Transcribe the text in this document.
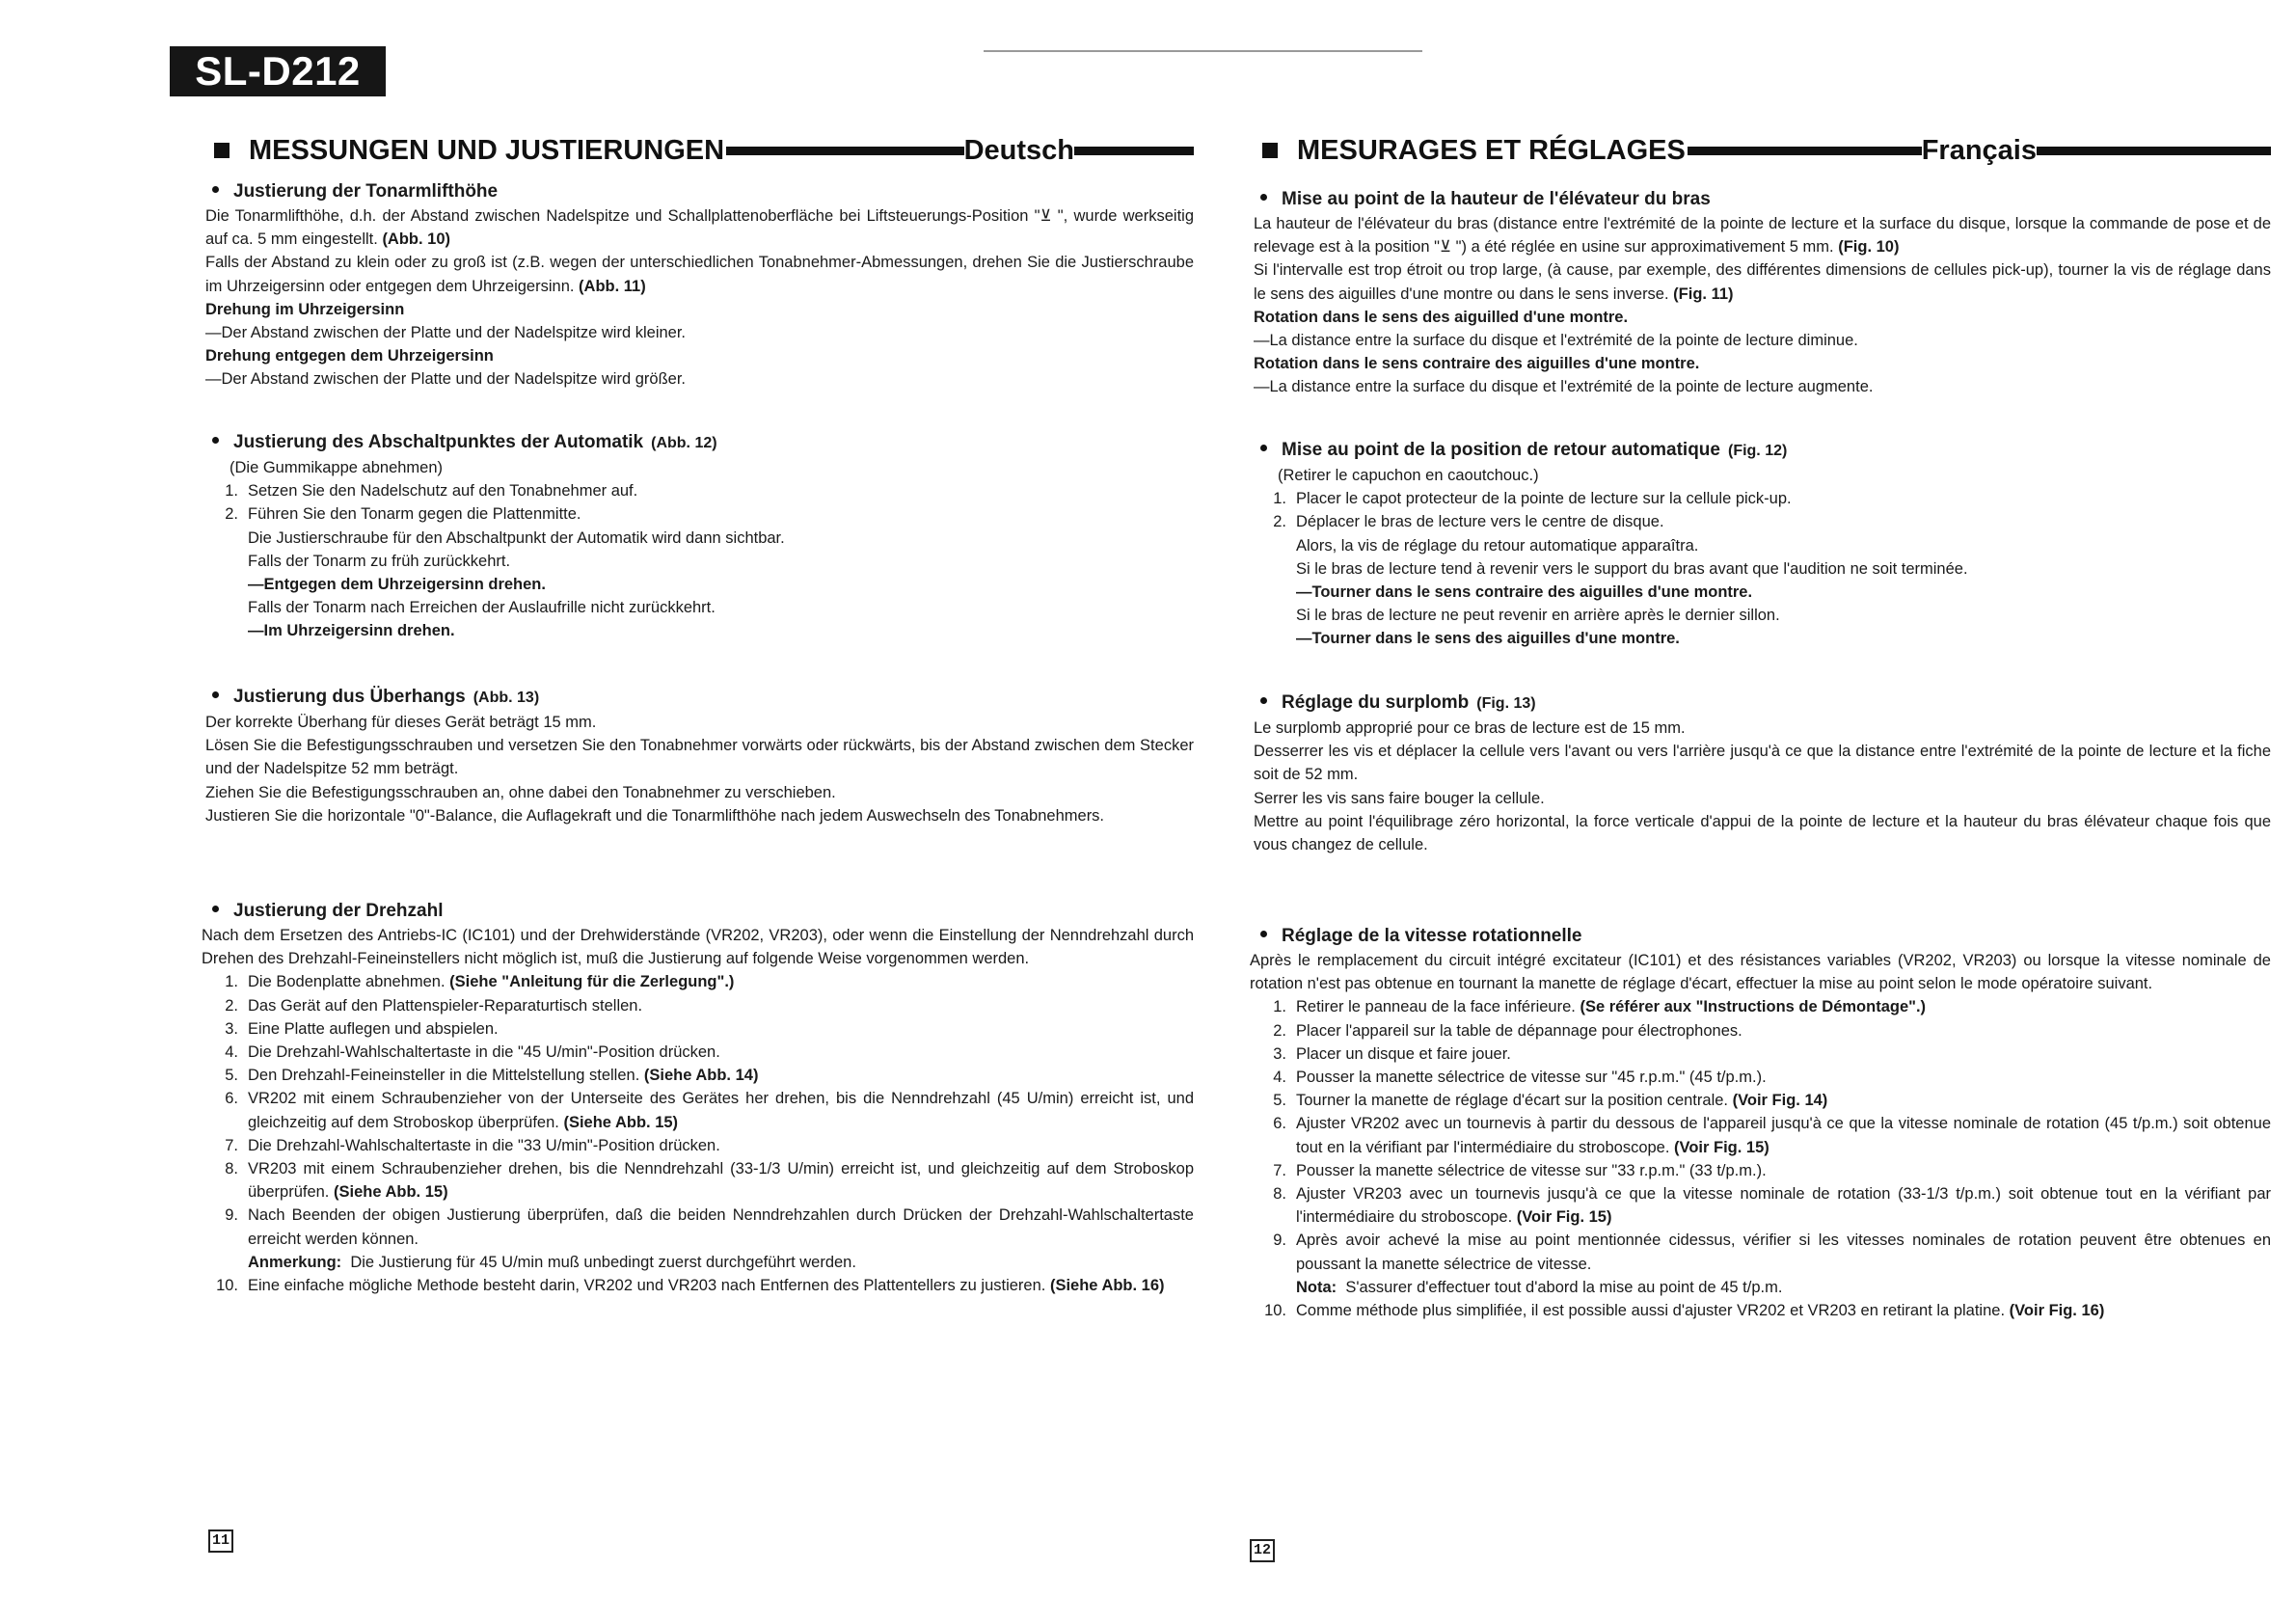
SL-D212
MESSUNGEN UND JUSTIERUNGEN	Deutsch
Justierung der Tonarmlifthöhe
Die Tonarmlifthöhe, d.h. der Abstand zwischen Nadelspitze und Schallplattenoberfläche bei Liftsteuerungs-Position "⊻ ", wurde werkseitig auf ca. 5 mm eingestellt. (Abb. 10)
Falls der Abstand zu klein oder zu groß ist (z.B. wegen der unterschiedlichen Tonabnehmer-Abmessungen, drehen Sie die Justierschraube im Uhrzeigersinn oder entgegen dem Uhrzeigersinn. (Abb. 11)
Drehung im Uhrzeigersinn
—Der Abstand zwischen der Platte und der Nadelspitze wird kleiner.
Drehung entgegen dem Uhrzeigersinn
—Der Abstand zwischen der Platte und der Nadelspitze wird größer.
Justierung des Abschaltpunktes der Automatik (Abb. 12)
(Die Gummikappe abnehmen)
1. Setzen Sie den Nadelschutz auf den Tonabnehmer auf.
2. Führen Sie den Tonarm gegen die Plattenmitte.
Die Justierschraube für den Abschaltpunkt der Automatik wird dann sichtbar.
Falls der Tonarm zu früh zurückkehrt.
—Entgegen dem Uhrzeigersinn drehen.
Falls der Tonarm nach Erreichen der Auslaufrille nicht zurückkehrt.
—Im Uhrzeigersinn drehen.
Justierung dus Überhangs (Abb. 13)
Der korrekte Überhang für dieses Gerät beträgt 15 mm.
Lösen Sie die Befestigungsschrauben und versetzen Sie den Tonabnehmer vorwärts oder rückwärts, bis der Abstand zwischen dem Stecker und der Nadelspitze 52 mm beträgt.
Ziehen Sie die Befestigungsschrauben an, ohne dabei den Tonabnehmer zu verschieben.
Justieren Sie die horizontale "0"-Balance, die Auflagekraft und die Tonarmlifthöhe nach jedem Auswechseln des Tonabnehmers.
Justierung der Drehzahl
Nach dem Ersetzen des Antriebs-IC (IC101) und der Drehwiderstände (VR202, VR203), oder wenn die Einstellung der Nenndrehzahl durch Drehen des Drehzahl-Feineinstellers nicht möglich ist, muß die Justierung auf folgende Weise vorgenommen werden.
1. Die Bodenplatte abnehmen. (Siehe "Anleitung für die Zerlegung".)
2. Das Gerät auf den Plattenspieler-Reparaturtisch stellen.
3. Eine Platte auflegen und abspielen.
4. Die Drehzahl-Wahlschaltertaste in die "45 U/min"-Position drücken.
5. Den Drehzahl-Feineinsteller in die Mittelstellung stellen. (Siehe Abb. 14)
6. VR202 mit einem Schraubenzieher von der Unterseite des Gerätes her drehen, bis die Nenndrehzahl (45 U/min) erreicht ist, und gleichzeitig auf dem Stroboskop überprüfen. (Siehe Abb. 15)
7. Die Drehzahl-Wahlschaltertaste in die "33 U/min"-Position drücken.
8. VR203 mit einem Schraubenzieher drehen, bis die Nenndrehzahl (33-1/3 U/min) erreicht ist, und gleichzeitig auf dem Stroboskop überprüfen. (Siehe Abb. 15)
9. Nach Beenden der obigen Justierung überprüfen, daß die beiden Nenndrehzahlen durch Drücken der Drehzahl-Wahlschaltertaste erreicht werden können.
Anmerkung: Die Justierung für 45 U/min muß unbedingt zuerst durchgeführt werden.
10. Eine einfache mögliche Methode besteht darin, VR202 und VR203 nach Entfernen des Plattentellers zu justieren. (Siehe Abb. 16)
MESURAGES ET RÉGLAGES	Français
Mise au point de la hauteur de l'élévateur du bras
La hauteur de l'élévateur du bras (distance entre l'extrémité de la pointe de lecture et la surface du disque, lorsque la commande de pose et de relevage est à la position "⊻ ") a été réglée en usine sur approximativement 5 mm. (Fig. 10)
Si l'intervalle est trop étroit ou trop large, (à cause, par exemple, des différentes dimensions de cellules pick-up), tourner la vis de réglage dans le sens des aiguilles d'une montre ou dans le sens inverse. (Fig. 11)
Rotation dans le sens des aiguilled d'une montre.
—La distance entre la surface du disque et l'extrémité de la pointe de lecture diminue.
Rotation dans le sens contraire des aiguilles d'une montre.
—La distance entre la surface du disque et l'extrémité de la pointe de lecture augmente.
Mise au point de la position de retour automatique (Fig. 12)
(Retirer le capuchon en caoutchouc.)
1. Placer le capot protecteur de la pointe de lecture sur la cellule pick-up.
2. Déplacer le bras de lecture vers le centre de disque.
Alors, la vis de réglage du retour automatique apparaîtra.
Si le bras de lecture tend à revenir vers le support du bras avant que l'audition ne soit terminée.
—Tourner dans le sens contraire des aiguilles d'une montre.
Si le bras de lecture ne peut revenir en arrière après le dernier sillon.
—Tourner dans le sens des aiguilles d'une montre.
Réglage du surplomb (Fig. 13)
Le surplomb approprié pour ce bras de lecture est de 15 mm.
Desserrer les vis et déplacer la cellule vers l'avant ou vers l'arrière jusqu'à ce que la distance entre l'extrémité de la pointe de lecture et la fiche soit de 52 mm.
Serrer les vis sans faire bouger la cellule.
Mettre au point l'équilibrage zéro horizontal, la force verticale d'appui de la pointe de lecture et la hauteur du bras élévateur chaque fois que vous changez de cellule.
Réglage de la vitesse rotationnelle
Après le remplacement du circuit intégré excitateur (IC101) et des résistances variables (VR202, VR203) ou lorsque la vitesse nominale de rotation n'est pas obtenue en tournant la manette de réglage d'écart, effectuer la mise au point selon le mode opératoire suivant.
1. Retirer le panneau de la face inférieure. (Se référer aux "Instructions de Démontage".)
2. Placer l'appareil sur la table de dépannage pour électrophones.
3. Placer un disque et faire jouer.
4. Pousser la manette sélectrice de vitesse sur "45 r.p.m." (45 t/p.m.).
5. Tourner la manette de réglage d'écart sur la position centrale. (Voir Fig. 14)
6. Ajuster VR202 avec un tournevis à partir du dessous de l'appareil jusqu'à ce que la vitesse nominale de rotation (45 t/p.m.) soit obtenue tout en la vérifiant par l'intermédiaire du stroboscope. (Voir Fig. 15)
7. Pousser la manette sélectrice de vitesse sur "33 r.p.m." (33 t/p.m.).
8. Ajuster VR203 avec un tournevis jusqu'à ce que la vitesse nominale de rotation (33-1/3 t/p.m.) soit obtenue tout en la vérifiant par l'intermédiaire du stroboscope. (Voir Fig. 15)
9. Après avoir achevé la mise au point mentionnée cidessus, vérifier si les vitesses nominales de rotation peuvent être obtenues en poussant la manette sélectrice de vitesse.
Nota: S'assurer d'effectuer tout d'abord la mise au point de 45 t/p.m.
10. Comme méthode plus simplifiée, il est possible aussi d'ajuster VR202 et VR203 en retirant la platine. (Voir Fig. 16)
11
12
